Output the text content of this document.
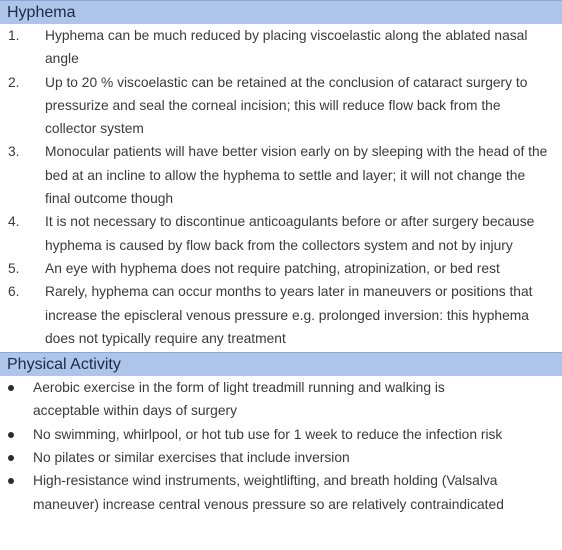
Hyphema
1. Hyphema can be much reduced by placing viscoelastic along the ablated nasal angle
2. Up to 20 % viscoelastic can be retained at the conclusion of cataract surgery to pressurize and seal the corneal incision; this will reduce flow back from the collector system
3. Monocular patients will have better vision early on by sleeping with the head of the bed at an incline to allow the hyphema to settle and layer; it will not change the final outcome though
4. It is not necessary to discontinue anticoagulants before or after surgery because hyphema is caused by flow back from the collectors system and not by injury
5. An eye with hyphema does not require patching, atropinization, or bed rest
6. Rarely, hyphema can occur months to years later in maneuvers or positions that increase the episcleral venous pressure e.g. prolonged inversion: this hyphema does not typically require any treatment
Physical Activity
Aerobic exercise in the form of light treadmill running and walking is acceptable within days of surgery
No swimming, whirlpool, or hot tub use for 1 week to reduce the infection risk
No pilates or similar exercises that include inversion
High-resistance wind instruments, weightlifting, and breath holding (Valsalva maneuver) increase central venous pressure so are relatively contraindicated
